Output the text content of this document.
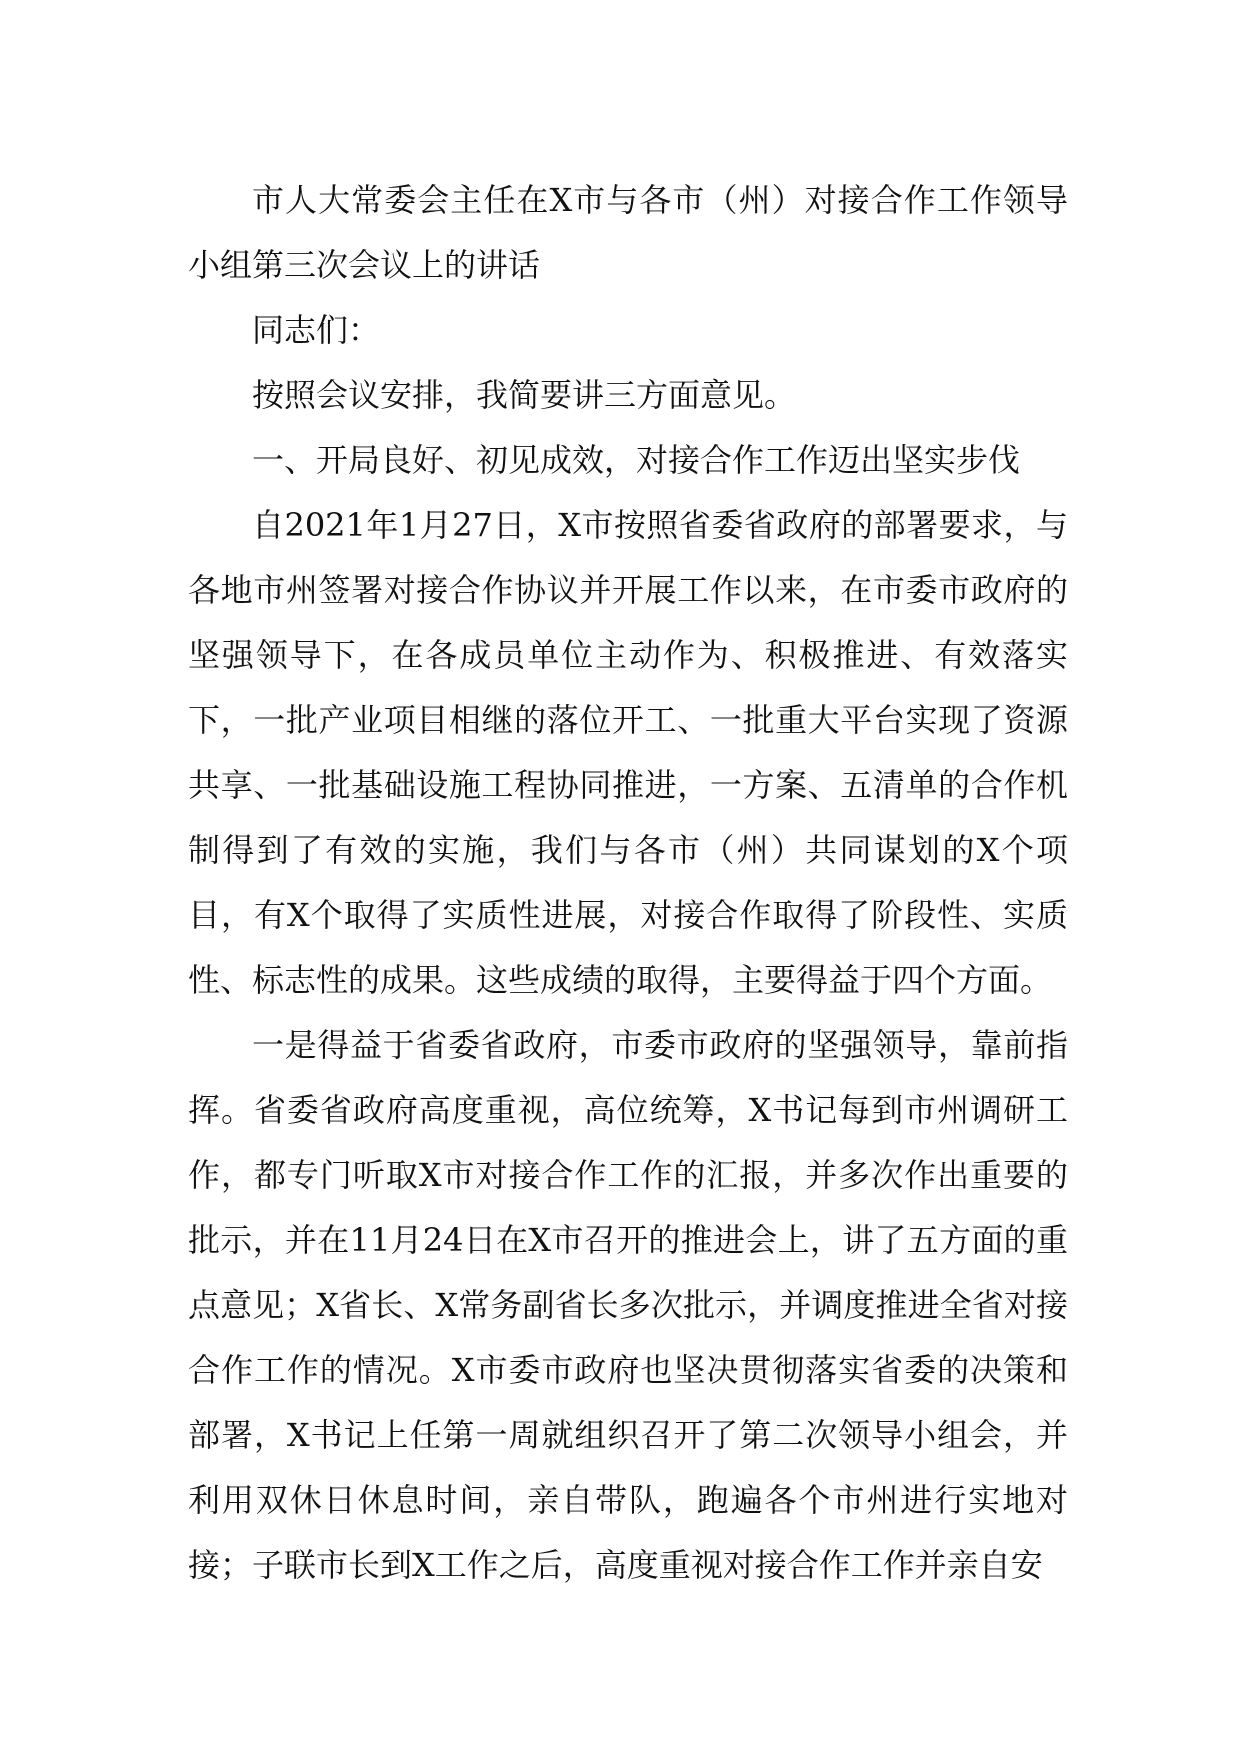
市人大常委会主任在X市与各市（州）对接合作工作领导小组第三次会议上的讲话

同志们：

按照会议安排，我简要讲三方面意见。

一、开局良好、初见成效，对接合作工作迈出坚实步伐

自2021年1月27日，X市按照省委省政府的部署要求，与各地市州签署对接合作协议并开展工作以来，在市委市政府的坚强领导下，在各成员单位主动作为、积极推进、有效落实下，一批产业项目相继的落位开工、一批重大平台实现了资源共享、一批基础设施工程协同推进，一方案、五清单的合作机制得到了有效的实施，我们与各市（州）共同谋划的X个项目，有X个取得了实质性进展，对接合作取得了阶段性、实质性、标志性的成果。这些成绩的取得，主要得益于四个方面。

一是得益于省委省政府，市委市政府的坚强领导，靠前指挥。省委省政府高度重视，高位统筹，X书记每到市州调研工作，都专门听取X市对接合作工作的汇报，并多次作出重要的批示，并在11月24日在X市召开的推进会上，讲了五方面的重点意见；X省长、X常务副省长多次批示，并调度推进全省对接合作工作的情况。X市委市政府也坚决贯彻落实省委的决策和部署，X书记上任第一周就组织召开了第二次领导小组会，并利用双休日休息时间，亲自带队，跑遍各个市州进行实地对接；子联市长到X工作之后，高度重视对接合作工作并亲自安
